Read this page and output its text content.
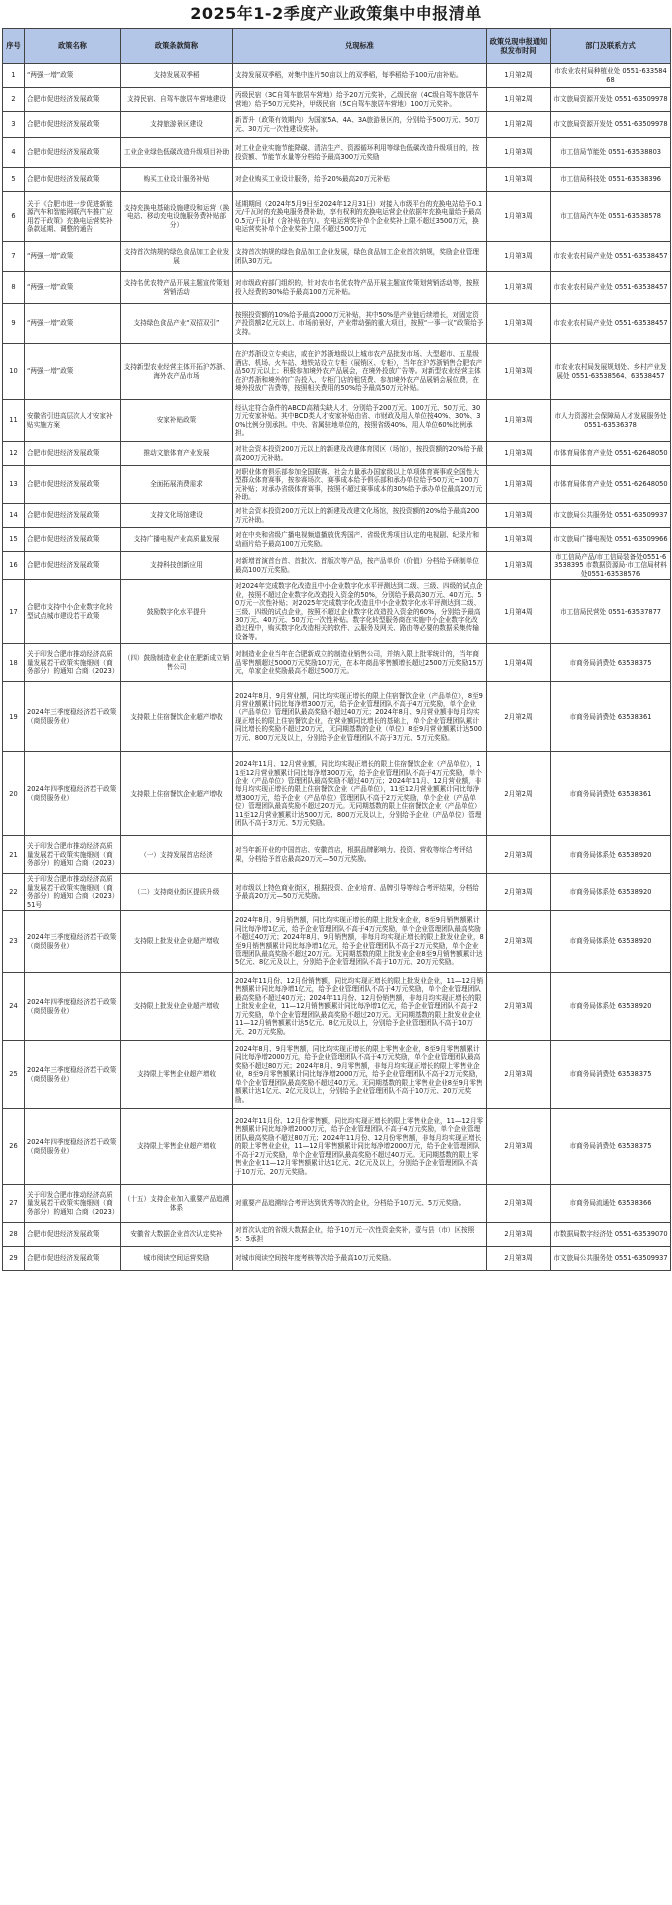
2025年1-2季度产业政策集中申报清单
序号	政策名称	政策条款简称	兑现标准	政策兑现申报通知拟发布时间	部门及联系方式
1	“两强一增”政策	支持发展双季稻	支持发展双季稻，对集中连片50亩以上的双季稻，每季稻给予100元/亩补贴。	1月第2周	市农业农村局种植业处 0551-63358468
2	合肥市促进经济发展政策	支持民宿、自驾车旅居车营地建设	丙级民宿（3C自驾车旅居车营地）给予20万元奖补，乙级民宿（4C级自驾车旅居车营地）给予50万元奖补，甲级民宿（5C自驾车旅居车营地）100万元奖补。	1月第2周	市文旅局资源开发处 0551-63509978
3	合肥市促进经济发展政策	支持旅游景区建设	新晋升（政策有效期内）为国家5A、4A、3A旅游景区的，分别给予500万元、50万元、30万元一次性建设奖补。	1月第2周	市文旅局资源开发处 0551-63509978
4	合肥市促进经济发展政策	工业企业绿色低碳改造升级项目补助	对工业企业实施节能降碳、清洁生产、资源循环利用等绿色低碳改造升级项目的，按投资额、节能节水量等分档给予最高300万元奖励	1月第3周	市工信局节能处 0551-63538803
5	合肥市促进经济发展政策	购买工业设计服务补贴	对企业购买工业设计服务，给予20%最高20万元补贴	1月第3周	市工信局科技处 0551-63538396
6	关于《合肥市进一步促进新能源汽车和智能网联汽车推广应用若干政策》充换电运营奖补条款延期、调整的通告	支持充换电基础设施建设和运营（换电站、移动充电设施服务费补贴部分）	延期期间（2024年5月9日至2024年12月31日）对接入市级平台的充换电站给予0.1元/千瓦时的充换电服务费补助，享有权利的充换电运营企业依据年充换电量给予最高0.5元/千瓦时（含补贴在内）。充电运营奖补单个企业奖补上限不超过3500万元，换电运营奖补单个企业奖补上限不超过500万元	1月第3周	市工信局汽车处 0551-63538578
7	“两强一增”政策	支持首次纳规的绿色食品加工企业发展	支持首次纳规的绿色食品加工企业发展，绿色食品加工企业首次纳规，奖励企业管理团队30万元。	1月第3周	市农业农村局产业处 0551-63538457
8	“两强一增”政策	支持名优农特产品开展主题宣传策划营销活动	对市级政府部门组织的，针对农市名优农特产品开展主题宣传策划营销活动等，按照投入经费的30%给予最高100万元补贴。	1月第3周	市农业农村局产业处 0551-63538457
9	“两强一增”政策	支持绿色食品产业“双招双引”	按照投资额的10%给予最高2000万元补贴，其中50%是产业链后续增长，对固定资产投资额2亿元以上、市场前景好，产业带动强的重大项目，按照“一事一议”政策给予支持。	1月第3周	市农业农村局产业处 0551-63538457
10	“两强一增”政策	支持新型农业经营主体开拓沪苏浙、海外农产品市场	在沪苏浙设立专卖店，或在沪苏浙地级以上城市农产品批发市场、大型超市、五星级酒店、机场、火车站、地铁站设立专柜（展销区、专柜），当年在沪苏浙销售合肥农产品50万元以上；积极参加境外农产品展会，在境外投放广告等。对新型农业经营主体在沪苏浙和境外的广告投入、专柜门店的租赁费、参加境外农产品展销会展位费，在境外投放广告费等，按照相关费用的50%给予最高50万元补贴。	1月第3周	市农业农村局发展规划处、乡村产业发展处 0551-63538564、63538457
11	安徽省引进高层次人才安家补贴实施方案	安家补贴政策	经认定符合条件的ABCD高精尖缺人才，分别给予200万元、100万元、50万元、30万元安家补贴。其中BCD类人才安家补贴由省、市财政及用人单位按40%、30%、30%比例分别承担。中央、省属驻地单位的，按照省级40%、用人单位60%比例承担。	1月第3周	市人力资源社会保障局人才发展服务处 0551-63536378
12	合肥市促进经济发展政策	推动文旅体育产业发展	对社会资本投资200万元以上的新建及改建体育园区（场馆），按投资额的20%给予最高200万元补助。	1月第3周	市体育局体育产业处 0551-62648050
13	合肥市促进经济发展政策	全面拓展消费需求	对职业体育俱乐部参加全国联赛、社会力量承办国家级以上单项体育赛事或全国性大型群众体育赛事，按参赛场次、赛事成本给予俱乐部和承办单位给予50万元~100万元补贴；对承办省级体育赛事，按照不超过赛事成本的30%给予承办单位最高20万元补助。	1月第3周	市体育局体育产业处 0551-62648050
14	合肥市促进经济发展政策	支持文化场馆建设	对社会资本投资200万元以上的新建及改建文化场馆，按投资额的20%给予最高200万元补助。	1月第3周	市文旅局公共服务处 0551-63509937
15	合肥市促进经济发展政策	支持广播电视产业高质量发展	对在中央和省级广播电视频道播放优秀国产、省级优秀项目认定的电视剧、纪录片和动画片给予最高100万元奖励。	1月第3周	市文旅局广播电视处 0551-63509966
16	合肥市促进经济发展政策	支持科技创新应用	对新增首演首台首、首批次、首版次等产品，按产品单价（价值）分档给予研制单位最高100万元奖励。	1月第3周	市工信局产品/市工信局装备处0551-63538395 市数据资源局·市工信局材料处0551-63538576
17	合肥市支持中小企业数字化转型试点城市建设若干政策	鼓励数字化水平提升	对2024年完成数字化改造且中小企业数字化水平评测达到二级、三级、四级的试点企业，按照不超过企业数字化改造投入资金的50%，分别给予最高30万元、40万元、50万元一次性补贴；对2025年完成数字化改造且中小企业数字化水平评测达到二级、三级、四级的试点企业，按照不超过企业数字化改造投入资金的60%，分别给予最高30万元、40万元、50万元一次性补贴。数字化转型服务商在实施中小企业数字化改造过程中，购买数字化改造相关的软件、云服务及网关、路由等必要的数据采集传输设备等。	1月第4周	市工信局民营处 0551-63537877
18	关于印发合肥市推动经济高质量发展若干政策实施细则（商务部分）的通知 合商（2023）	（四）鼓励制造业企业在肥新成立销售公司	对制造业企业当年在合肥新成立的制造业销售公司，并纳入限上批零统计的，当年商品零售额超过5000万元奖励10万元，在本年商品零售额增长超过2500万元奖励15万元，单家企业奖励最高不超过500万元。	1月第4周	市商务局消费处 63538375
19	2024年三季度稳经济若干政策（商贸服务业）	支持限上住宿餐饮企业超产增收	2024年8月、9月营业额，同比均实现正增长的限上住宿餐饮企业（产品单位），8至9月营业额累计同比每净增300万元，给予企业管理团队不高于4万元奖励，单个企业（产品单位）管理团队最高奖励不超过40万元；2024年8月、9月营业额非每月均实现正增长的限上住宿餐饮企业，在营业额同比增长的基础上，单个企业管理团队累计同比增长的奖励不超过20万元，无同期基数的企业（单位）8至9月营业额累计达500万元、800万元及以上，分别给予企业管理团队不高于3万元、5万元奖励。	2月第2周	市商务局消费处 63538361
20	2024年四季度稳经济若干政策（商贸服务业）	支持限上住宿餐饮企业超产增收	2024年11月、12月营业额，同比均实现正增长的限上住宿餐饮企业（产品单位），11至12月营业额累计同比每净增300万元，给予企业管理团队不高于4万元奖励，单个企业（产品单位）管理团队最高奖励不超过40万元；2024年11月、12月营业额，非每月均实现正增长的限上住宿餐饮企业（产品单位），11至12月营业额累计同比每净增300万元，给予企业（产品单位）管理团队不高于2万元奖励，单个企业（产品单位）管理团队最高奖励不超过20万元。无同期基数的限上住宿餐饮企业（产品单位）11至12月营业额累计达500万元、800万元及以上，分别给予企业（产品单位）管理团队不高于3万元、5万元奖励。	2月第2周	市商务局消费处 63538361
21	关于印发合肥市推动经济高质量发展若干政策实施细则（商务部分）的通知 合商（2023）	（一）支持发展首店经济	对当年新开业的中国首店、安徽首店，根据品牌影响力、投资、营收等综合考评结果，分档给予首店最高20万元—50万元奖励。	2月第3周	市商务局体系处 63538920
22	关于印发合肥市推动经济高质量发展若干政策实施细则（商务部分）的通知 合商（2023）51号	（二）支持商业街区提质升级	对市级以上特色商业街区，根据投资、企业培育、品牌引导等综合考评结果，分档给予最高20万元—50万元奖励。	2月第3周	市商务局体系处 63538920
23	2024年三季度稳经济若干政策（商贸服务业）	支持限上批发业企业超产增收	2024年8月、9月销售额，同比均实现正增长的限上批发业企业，8至9月销售额累计同比每净增1亿元，给予企业管理团队不高于4万元奖励，单个企业管理团队最高奖励不超过40万元；2024年8月、9月销售额，非每月均实现正增长的限上批发业企业，8至9月销售额累计同比每净增1亿元，给予企业管理团队不高于2万元奖励，单个企业管理团队最高奖励不超过20万元。无同期基数的限上批发业企业8至9月销售额累计达5亿元、8亿元及以上，分别给予企业管理团队不高于10万元、20万元奖励。	2月第3周	市商务局体系处 63538920
24	2024年四季度稳经济若干政策（商贸服务业）	支持限上批发业企业超产增收	2024年11月份、12月份销售额，同比均实现正增长的限上批发业企业，11—12月销售额累计同比每净增1亿元，给予企业管理团队不高于4万元奖励，单个企业管理团队最高奖励不超过40万元；2024年11月份、12月份销售额，非每月均实现正增长的限上批发业企业，11—12月销售额累计同比每净增1亿元，给予企业管理团队不高于2万元奖励，单个企业管理团队最高奖励不超过20万元。无同期基数的限上批发业企业11—12月销售额累计达5亿元、8亿元及以上，分别给予企业管理团队不高于10万元、20万元奖励。	2月第3周	市商务局体系处 63538920
25	2024年三季度稳经济若干政策（商贸服务业）	支持限上零售企业超产增收	2024年8月、9月零售额，同比均实现正增长的限上零售业企业，8至9月零售额累计同比每净增2000万元，给予企业管理团队不高于4万元奖励，单个企业管理团队最高奖励不超过80万元；2024年8月、9月零售额，非每月均实现正增长的限上零售业企业，8至9月零售额累计同比每净增2000万元，给予企业管理团队不高于2万元奖励，单个企业管理团队最高奖励不超过40万元。无同期基数的限上零售业企业8至9月零售额累计达1亿元、2亿元及以上，分别给予企业管理团队不高于10万元、20万元奖励。	2月第3周	市商务局消费处 63538375
26	2024年四季度稳经济若干政策（商贸服务业）	支持限上零售企业超产增收	2024年11月份、12月份零售额，同比均实现正增长的限上零售业企业，11—12月零售额累计同比每净增2000万元，给予企业管理团队不高于4万元奖励，单个企业管理团队最高奖励不超过80万元；2024年11月份、12月份零售额，非每月均实现正增长的限上零售业企业，11—12月零售额累计同比每净增2000万元，给予企业管理团队不高于2万元奖励，单个企业管理团队最高奖励不超过40万元。无同期基数的限上零售业企业11—12月零售额累计达1亿元、2亿元及以上，分别给予企业管理团队不高于10万元、20万元奖励。	2月第3周	市商务局消费处 63538375
27	关于印发合肥市推动经济高质量发展若干政策实施细则（商务部分）的通知 合商（2023）	（十五）支持企业加入重要产品追溯体系	对重要产品追溯综合考评达到优秀等次的企业，分档给予10万元、5万元奖励。	2月第3周	市商务局流通处 63538366
28	合肥市促进经济发展政策	安徽省大数据企业首次认定奖补	对首次认定的省级大数据企业，给予10万元一次性资金奖补，壹与县（市）区按照5：5承担	2月第3周	市数据局数字经济处 0551-63539070
29	合肥市促进经济发展政策	城市阅读空间运营奖励	对城市阅读空间按年度考核等次给予最高10万元奖励。	2月第3周	市文旅局公共服务处 0551-63509937
